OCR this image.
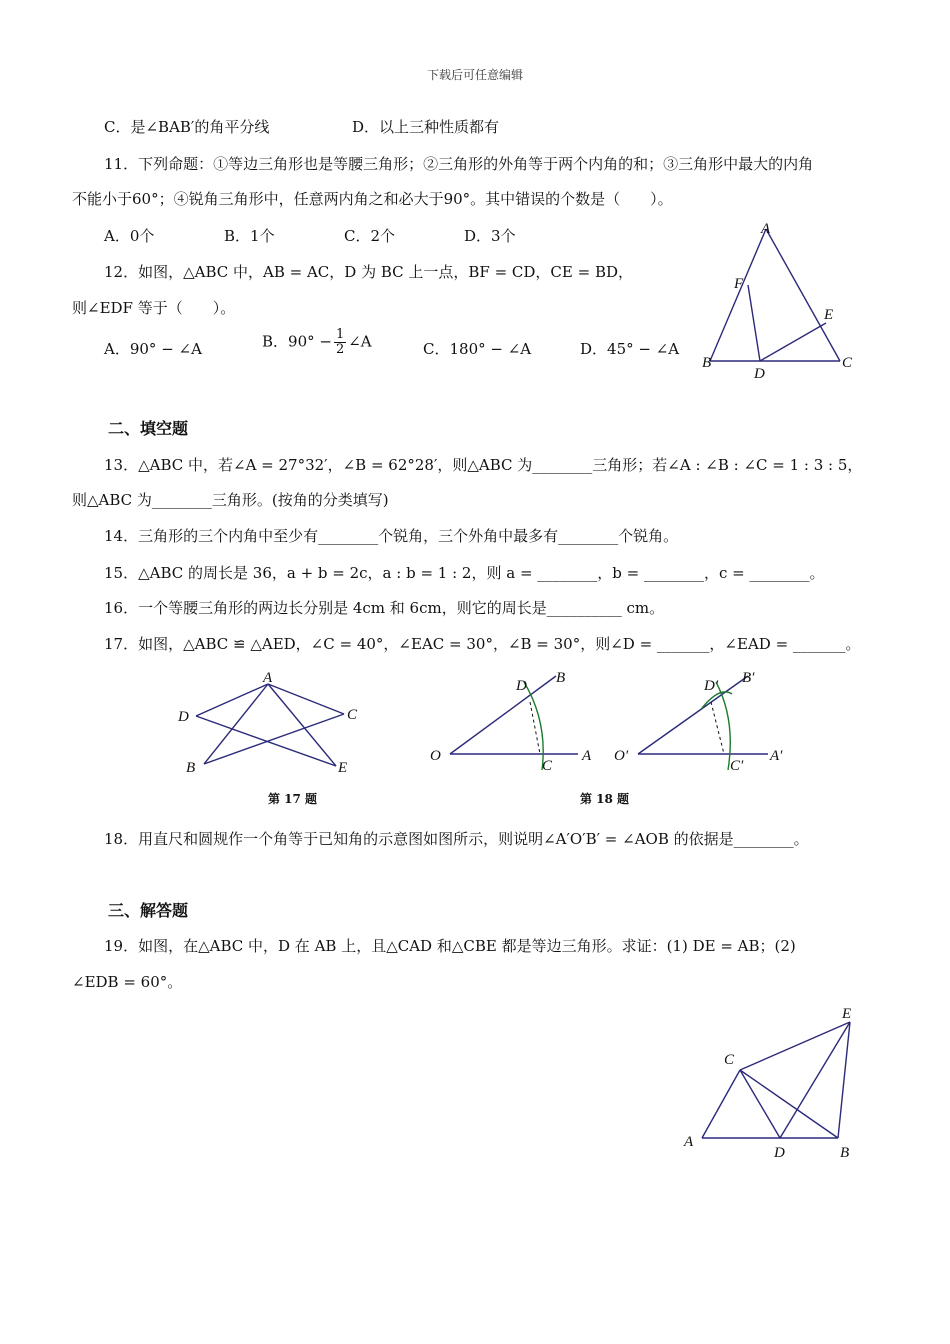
下载后可任意编辑
C．是∠BAB′的角平分线	D．以上三种性质都有
11．下列命题：①等边三角形也是等腰三角形；②三角形的外角等于两个内角的和；③三角形中最大的内角
不能小于60°；④锐角三角形中，任意两内角之和必大于90°。其中错误的个数是（　　）。
A．0个	B．1个	C．2个	D．3个
12．如图，△ABC 中，AB = AC，D 为 BC 上一点，BF = CD，CE = BD，
则∠EDF 等于（　　）。
A．90° − ∠A	B．$90^\circ - \frac{1}{2}$ ∠A	C．180° − ∠A	D．45° − ∠A
A
F
E
B
D
C
二、填空题
13．△ABC 中，若∠A = 27°32′，∠B = 62°28′，则△ABC 为________三角形；若∠A : ∠B : ∠C = 1 : 3 : 5，
则△ABC 为________三角形。(按角的分类填写)
14．三角形的三个内角中至少有________个锐角，三个外角中最多有________个锐角。
15．△ABC 的周长是 36，a + b = 2c，a : b = 1 : 2，则 a = ________，b = ________，c = ________。
16．一个等腰三角形的两边长分别是 4cm 和 6cm，则它的周长是__________ cm。
17．如图，△ABC ≌ △AED，∠C = 40°，∠EAC = 30°，∠B = 30°，则∠D = _______，∠EAD = _______。
A
D	C
B	E
第 17 题
O	A
B
D
C
O′	A′
B′
D′
C′
第 18 题
18．用直尺和圆规作一个角等于已知角的示意图如图所示，则说明∠A′O′B′ = ∠AOB 的依据是________。
三、解答题
19．如图，在△ABC 中，D 在 AB 上，且△CAD 和△CBE 都是等边三角形。求证：(1) DE = AB；(2)
∠EDB = 60°。
E
C
A
D	B
